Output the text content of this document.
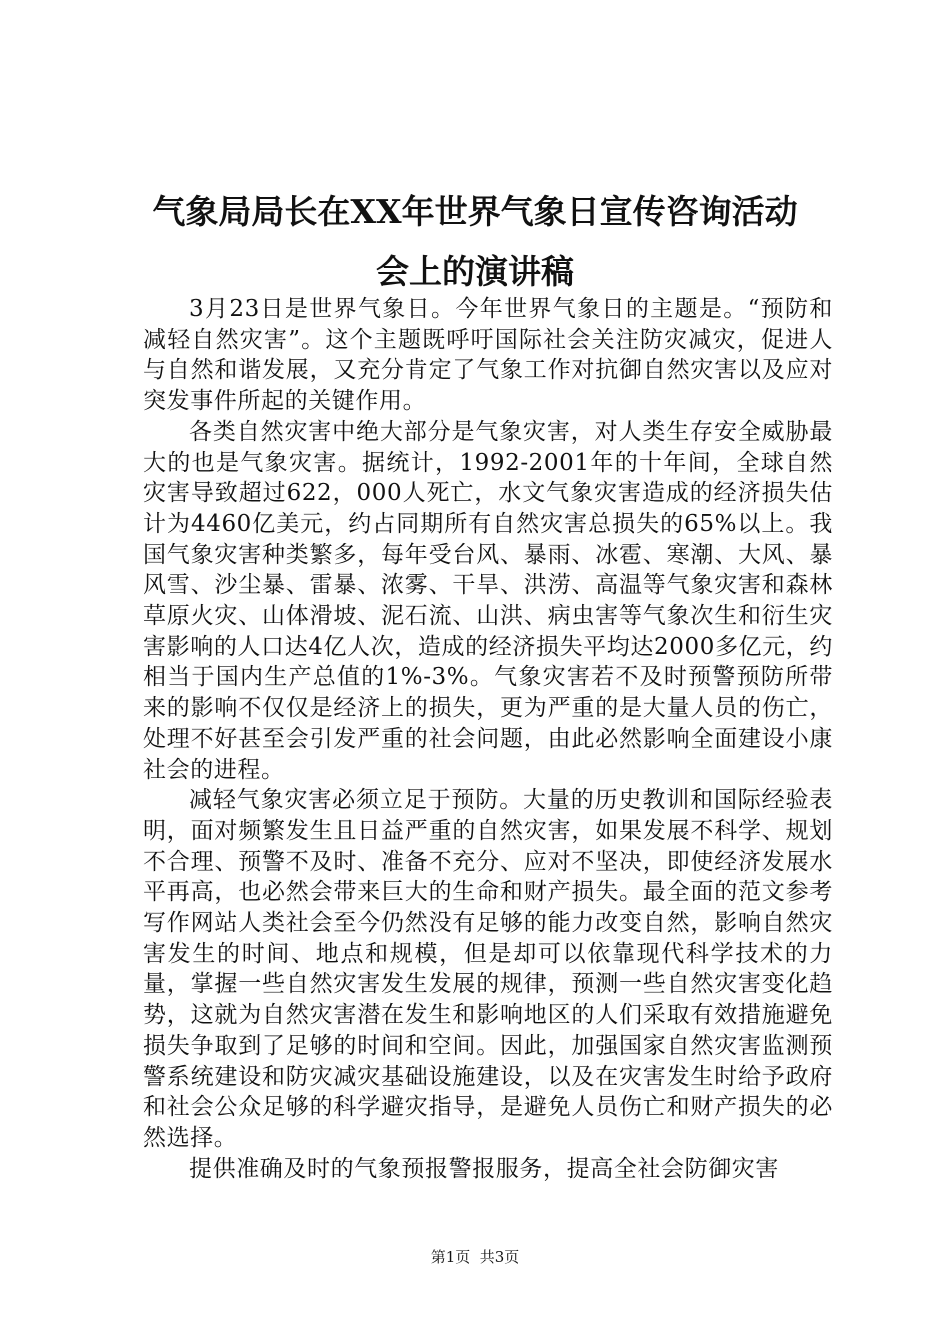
气象局局长在XX年世界气象日宣传咨询活动
会上的演讲稿

3月23日是世界气象日。今年世界气象日的主题是。“预防和减轻自然灾害”。这个主题既呼吁国际社会关注防灾减灾，促进人与自然和谐发展，又充分肯定了气象工作对抗御自然灾害以及应对突发事件所起的关键作用。

各类自然灾害中绝大部分是气象灾害，对人类生存安全威胁最大的也是气象灾害。据统计，1992-2001年的十年间，全球自然灾害导致超过622，000人死亡，水文气象灾害造成的经济损失估计为4460亿美元，约占同期所有自然灾害总损失的65%以上。我国气象灾害种类繁多，每年受台风、暴雨、冰雹、寒潮、大风、暴风雪、沙尘暴、雷暴、浓雾、干旱、洪涝、高温等气象灾害和森林草原火灾、山体滑坡、泥石流、山洪、病虫害等气象次生和衍生灾害影响的人口达4亿人次，造成的经济损失平均达2000多亿元，约相当于国内生产总值的1%-3%。气象灾害若不及时预警预防所带来的影响不仅仅是经济上的损失，更为严重的是大量人员的伤亡，处理不好甚至会引发严重的社会问题，由此必然影响全面建设小康社会的进程。

减轻气象灾害必须立足于预防。大量的历史教训和国际经验表明，面对频繁发生且日益严重的自然灾害，如果发展不科学、规划不合理、预警不及时、准备不充分、应对不坚决，即使经济发展水平再高，也必然会带来巨大的生命和财产损失。最全面的范文参考写作网站人类社会至今仍然没有足够的能力改变自然，影响自然灾害发生的时间、地点和规模，但是却可以依靠现代科学技术的力量，掌握一些自然灾害发生发展的规律，预测一些自然灾害变化趋势，这就为自然灾害潜在发生和影响地区的人们采取有效措施避免损失争取到了足够的时间和空间。因此，加强国家自然灾害监测预警系统建设和防灾减灾基础设施建设，以及在灾害发生时给予政府和社会公众足够的科学避灾指导，是避免人员伤亡和财产损失的必然选择。

提供准确及时的气象预报警报服务，提高全社会防御灾害

第1页  共3页
